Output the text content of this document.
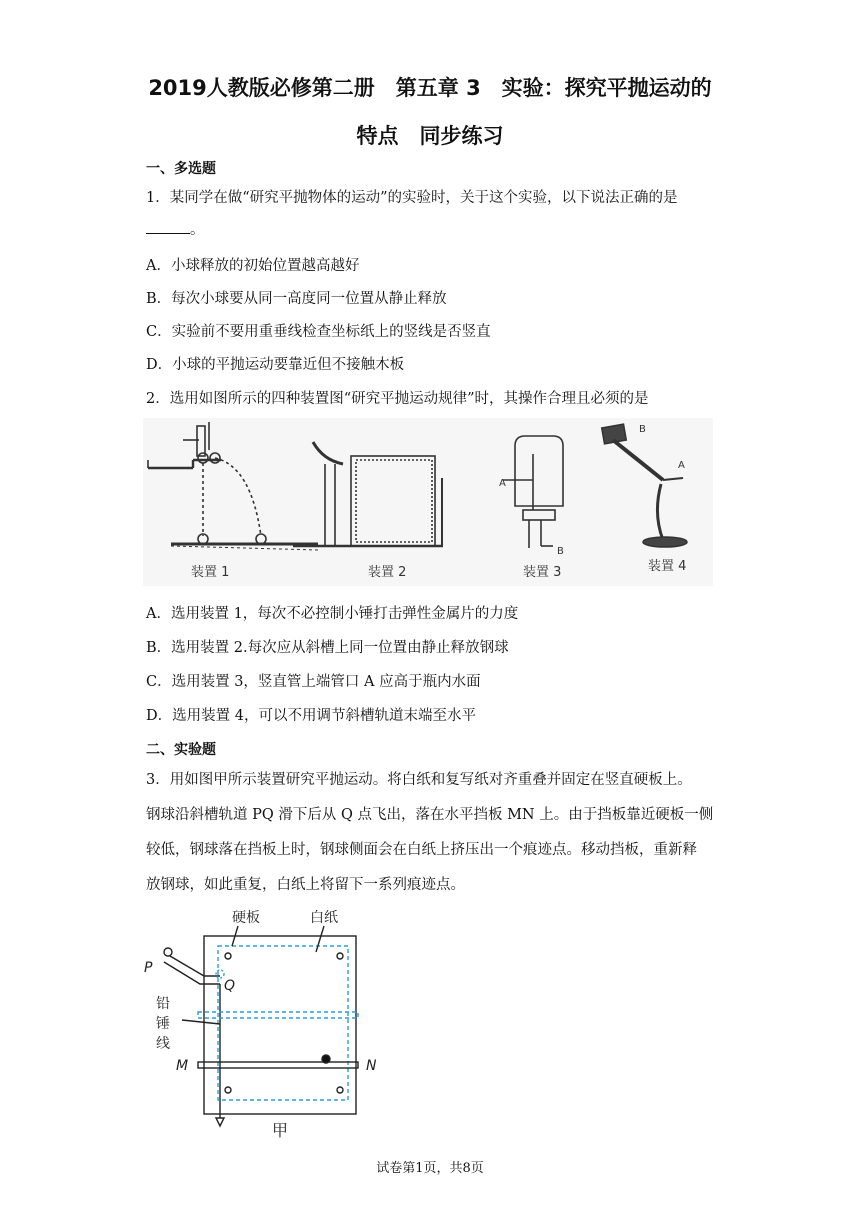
2019人教版必修第二册　第五章 3　实验：探究平抛运动的
特点　同步练习
一、多选题
1．某同学在做“研究平抛物体的运动”的实验时，关于这个实验，以下说法正确的是
。
A．小球释放的初始位置越高越好
B．每次小球要从同一高度同一位置从静止释放
C．实验前不要用重垂线检查坐标纸上的竖线是否竖直
D．小球的平抛运动要靠近但不接触木板
2．选用如图所示的四种装置图“研究平抛运动规律”时，其操作合理且必须的是
装置 1	装置 2
A
B
装置 3
A
B
装置 4
A．选用装置 1，每次不必控制小锤打击弹性金属片的力度
B．选用装置 2.每次应从斜槽上同一位置由静止释放钢球
C．选用装置 3，竖直管上端管口 A 应高于瓶内水面
D．选用装置 4，可以不用调节斜槽轨道末端至水平
二、实验题
3．用如图甲所示装置研究平抛运动。将白纸和复写纸对齐重叠并固定在竖直硬板上。
钢球沿斜槽轨道 PQ 滑下后从 Q 点飞出，落在水平挡板 MN 上。由于挡板靠近硬板一侧
较低，钢球落在挡板上时，钢球侧面会在白纸上挤压出一个痕迹点。移动挡板，重新释
放钢球，如此重复，白纸上将留下一系列痕迹点。
硬板	白纸
P
Q
铅
锤
线
M	N
甲
试卷第1页，共8页
